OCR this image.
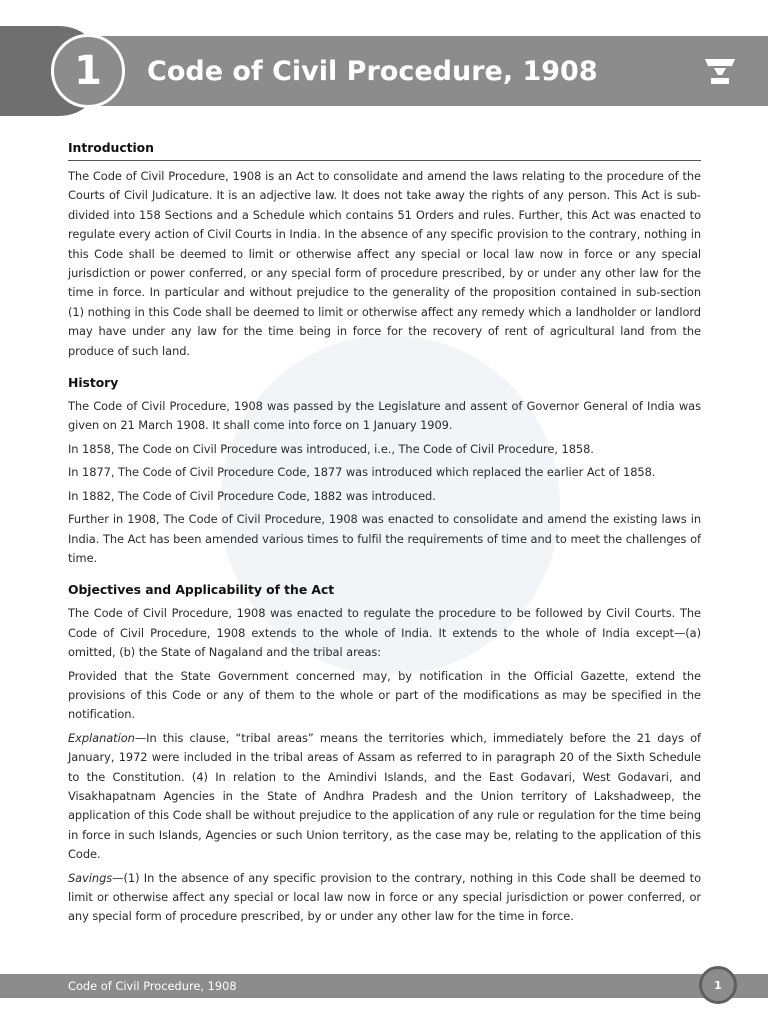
1	Code of Civil Procedure, 1908
Introduction

The Code of Civil Procedure, 1908 is an Act to consolidate and amend the laws relating to the procedure of the Courts of Civil Judicature. It is an adjective law. It does not take away the rights of any person. This Act is sub-divided into 158 Sections and a Schedule which contains 51 Orders and rules. Further, this Act was enacted to regulate every action of Civil Courts in India. In the absence of any specific provision to the contrary, nothing in this Code shall be deemed to limit or otherwise affect any special or local law now in force or any special jurisdiction or power conferred, or any special form of procedure prescribed, by or under any other law for the time in force. In particular and without prejudice to the generality of the proposition contained in sub-section (1) nothing in this Code shall be deemed to limit or otherwise affect any remedy which a landholder or landlord may have under any law for the time being in force for the recovery of rent of agricultural land from the produce of such land.

History

The Code of Civil Procedure, 1908 was passed by the Legislature and assent of Governor General of India was given on 21 March 1908. It shall come into force on 1 January 1909.

In 1858, The Code on Civil Procedure was introduced, i.e., The Code of Civil Procedure, 1858.

In 1877, The Code of Civil Procedure Code, 1877 was introduced which replaced the earlier Act of 1858.

In 1882, The Code of Civil Procedure Code, 1882 was introduced.

Further in 1908, The Code of Civil Procedure, 1908 was enacted to consolidate and amend the existing laws in India. The Act has been amended various times to fulfil the requirements of time and to meet the challenges of time.

Objectives and Applicability of the Act

The Code of Civil Procedure, 1908 was enacted to regulate the procedure to be followed by Civil Courts. The Code of Civil Procedure, 1908 extends to the whole of India. It extends to the whole of India except—(a) omitted, (b) the State of Nagaland and the tribal areas:

Provided that the State Government concerned may, by notification in the Official Gazette, extend the provisions of this Code or any of them to the whole or part of the modifications as may be specified in the notification.

Explanation—In this clause, “tribal areas” means the territories which, immediately before the 21 days of January, 1972 were included in the tribal areas of Assam as referred to in paragraph 20 of the Sixth Schedule to the Constitution. (4) In relation to the Amindivi Islands, and the East Godavari, West Godavari, and Visakhapatnam Agencies in the State of Andhra Pradesh and the Union territory of Lakshadweep, the application of this Code shall be without prejudice to the application of any rule or regulation for the time being in force in such Islands, Agencies or such Union territory, as the case may be, relating to the application of this Code.

Savings—(1) In the absence of any specific provision to the contrary, nothing in this Code shall be deemed to limit or otherwise affect any special or local law now in force or any special jurisdiction or power conferred, or any special form of procedure prescribed, by or under any other law for the time in force.

Code of Civil Procedure, 1908	1
